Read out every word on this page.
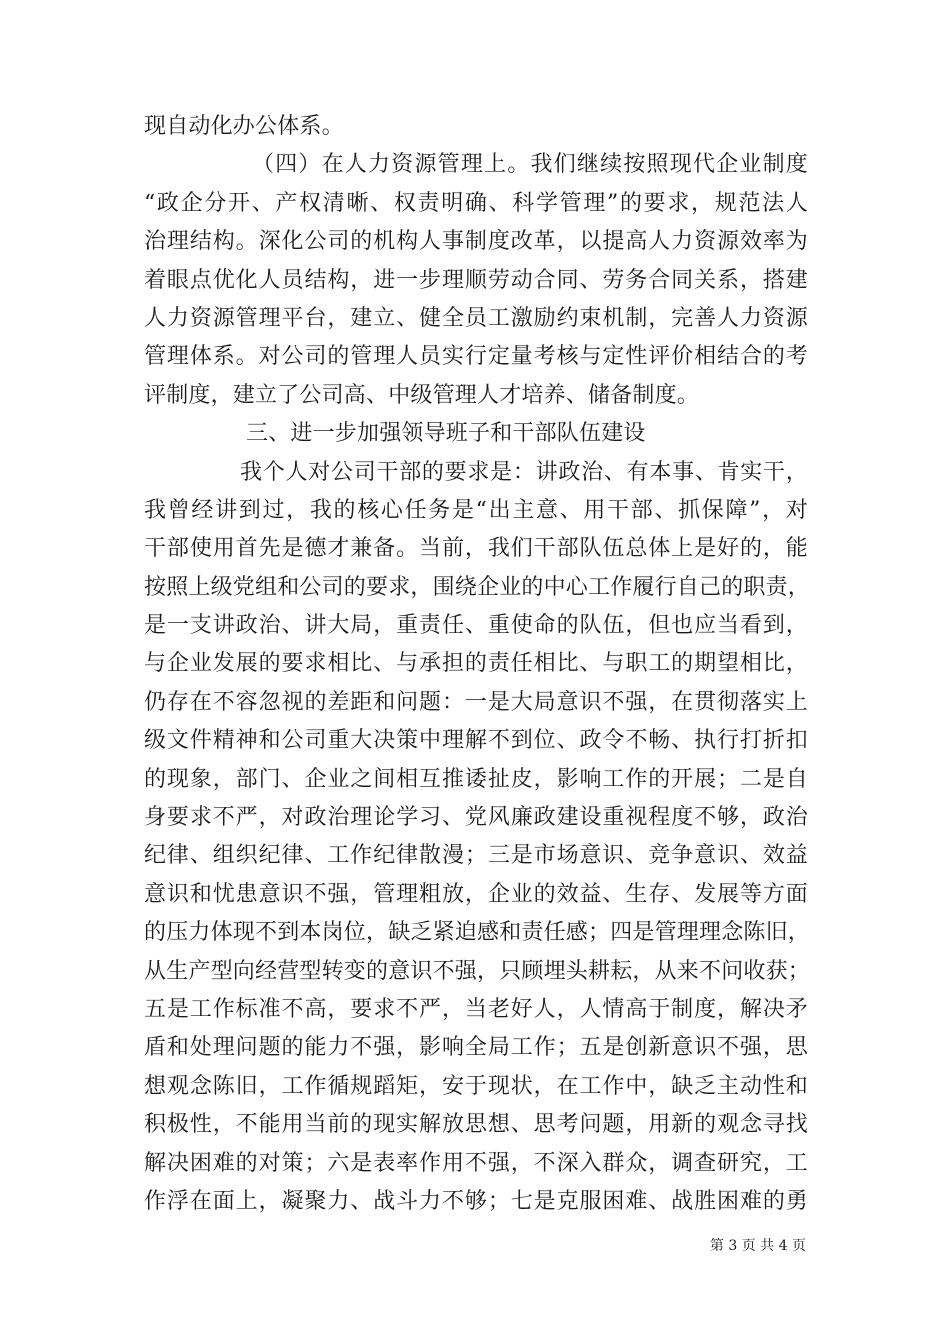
现自动化办公体系。
（四）在人力资源管理上。我们继续按照现代企业制度
“政企分开、产权清晰、权责明确、科学管理”的要求，规范法人
治理结构。深化公司的机构人事制度改革，以提高人力资源效率为
着眼点优化人员结构，进一步理顺劳动合同、劳务合同关系，搭建
人力资源管理平台，建立、健全员工激励约束机制，完善人力资源
管理体系。对公司的管理人员实行定量考核与定性评价相结合的考
评制度，建立了公司高、中级管理人才培养、储备制度。
三、进一步加强领导班子和干部队伍建设
我个人对公司干部的要求是：讲政治、有本事、肯实干，
我曾经讲到过，我的核心任务是“出主意、用干部、抓保障”，对
干部使用首先是德才兼备。当前，我们干部队伍总体上是好的，能
按照上级党组和公司的要求，围绕企业的中心工作履行自己的职责，
是一支讲政治、讲大局，重责任、重使命的队伍，但也应当看到，
与企业发展的要求相比、与承担的责任相比、与职工的期望相比，
仍存在不容忽视的差距和问题：一是大局意识不强，在贯彻落实上
级文件精神和公司重大决策中理解不到位、政令不畅、执行打折扣
的现象，部门、企业之间相互推诿扯皮，影响工作的开展；二是自
身要求不严，对政治理论学习、党风廉政建设重视程度不够，政治
纪律、组织纪律、工作纪律散漫；三是市场意识、竞争意识、效益
意识和忧患意识不强，管理粗放，企业的效益、生存、发展等方面
的压力体现不到本岗位，缺乏紧迫感和责任感；四是管理理念陈旧，
从生产型向经营型转变的意识不强，只顾埋头耕耘，从来不问收获；
五是工作标准不高，要求不严，当老好人，人情高于制度，解决矛
盾和处理问题的能力不强，影响全局工作；五是创新意识不强，思
想观念陈旧，工作循规蹈矩，安于现状，在工作中，缺乏主动性和
积极性，不能用当前的现实解放思想、思考问题，用新的观念寻找
解决困难的对策；六是表率作用不强，不深入群众，调查研究，工
作浮在面上，凝聚力、战斗力不够；七是克服困难、战胜困难的勇
第 3 页 共 4 页
